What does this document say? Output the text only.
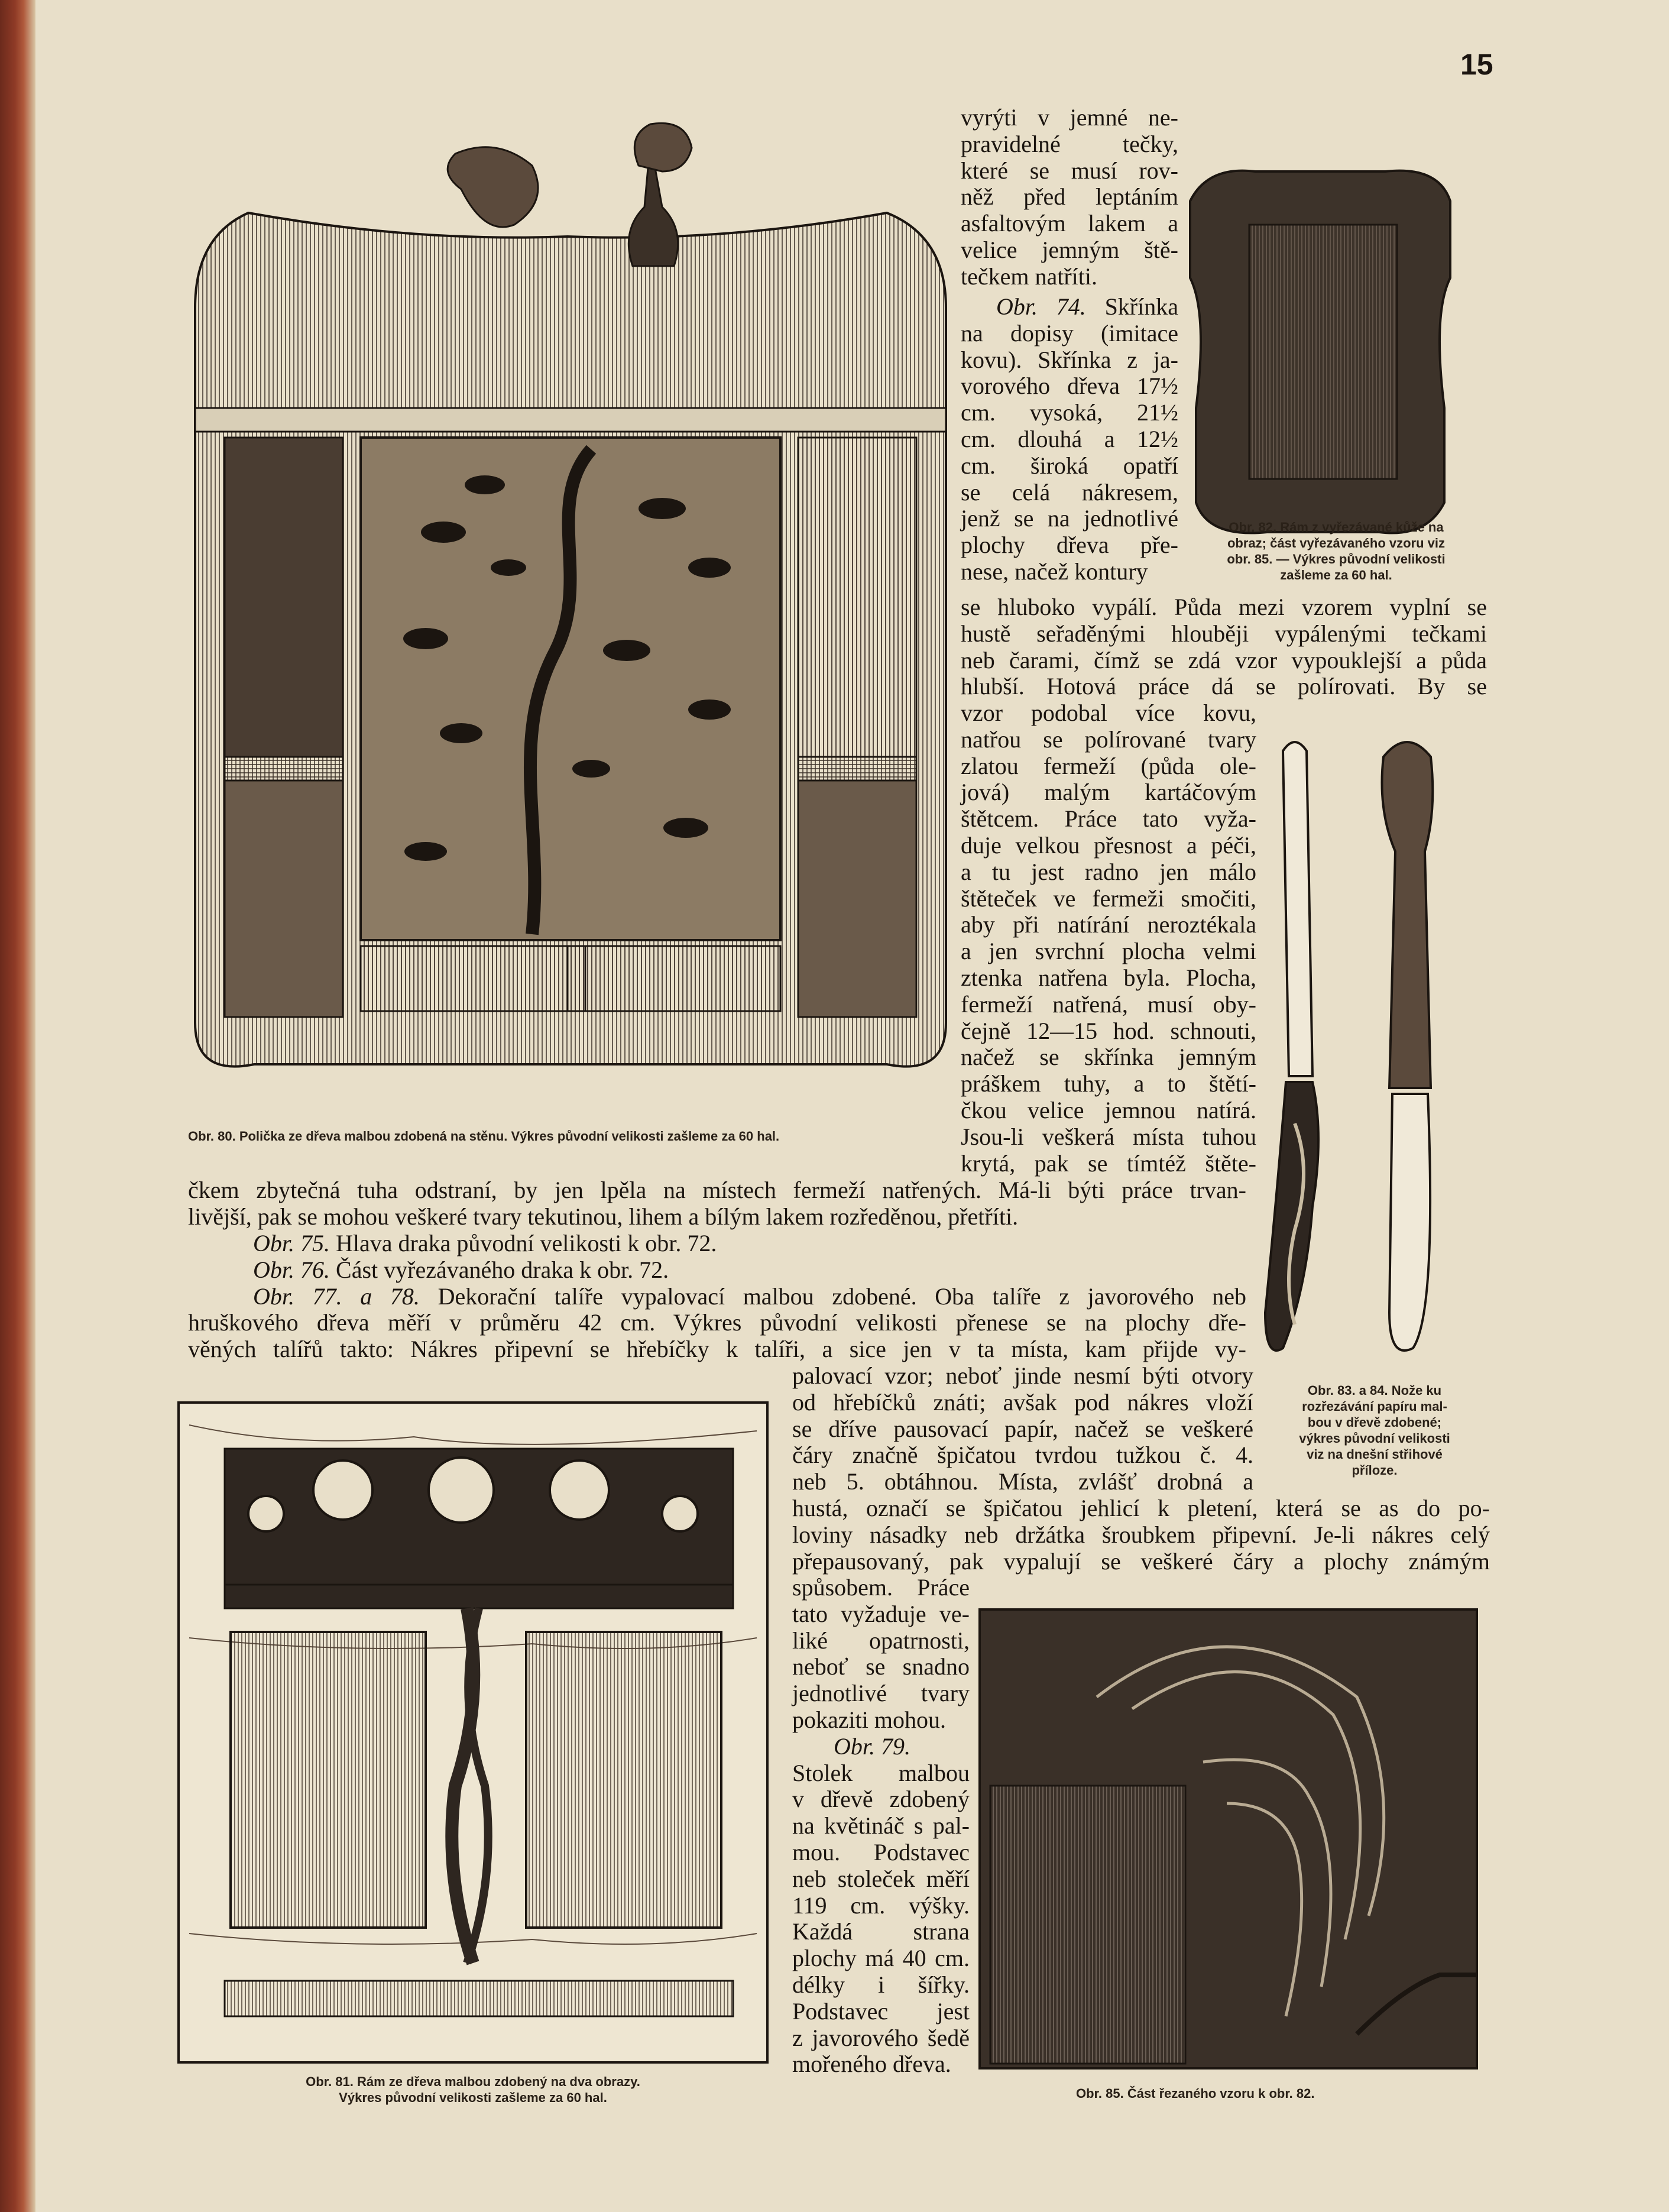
15
Obr. 80. Polička ze dřeva malbou zdobená na stěnu. Výkres původní velikosti zašleme za 60 hal.
Obr. 82. Rám z vyřezávané kůže na
obraz; část vyřezávaného vzoru viz
obr. 85. — Výkres původní velikosti
zašleme za 60 hal.
Obr. 83. a 84. Nože ku
rozřezávání papíru mal-
bou v dřevě zdobené;
výkres původní velikosti
viz na dnešní střihové
příloze.
Obr. 81. Rám ze dřeva malbou zdobený na dva obrazy.
Výkres původní velikosti zašleme za 60 hal.	Obr. 85. Část řezaného vzoru k obr. 82.
vyrýti v jemné ne-
pravidelné tečky,
které se musí rov-
něž před leptáním
asfaltovým lakem a
velice jemným ště-
tečkem natříti.
Obr. 74. Skřínka
na dopisy (imitace
kovu). Skřínka z ja-
vorového dřeva 17½
cm. vysoká, 21½
cm. dlouhá a 12½
cm. široká opatří
se celá nákresem,
jenž se na jednotlivé
plochy dřeva pře-
nese, načež kontury
se hluboko vypálí. Půda mezi vzorem vyplní se
hustě seřaděnými hlouběji vypálenými tečkami
neb čarami, čímž se zdá vzor vypouklejší a půda
hlubší. Hotová práce dá se polírovati. By se
vzor podobal více kovu,
natřou se polírované tvary
zlatou fermeží (půda ole-
jová) malým kartáčovým
štětcem. Práce tato vyža-
duje velkou přesnost a péči,
a tu jest radno jen málo
štěteček ve fermeži smočiti,
aby při natírání neroztékala
a jen svrchní plocha velmi
ztenka natřena byla. Plocha,
fermeží natřená, musí oby-
čejně 12—15 hod. schnouti,
načež se skřínka jemným
práškem tuhy, a to štětí-
čkou velice jemnou natírá.
Jsou-li veškerá místa tuhou
krytá, pak se tímtéž štěte-
čkem zbytečná tuha odstraní, by jen lpěla na místech fermeží natřených. Má-li býti práce trvan-
livější, pak se mohou veškeré tvary tekutinou, lihem a bílým lakem rozředěnou, přetříti.
Obr. 75. Hlava draka původní velikosti k obr. 72.
Obr. 76. Část vyřezávaného draka k obr. 72.
Obr. 77. a 78. Dekorační talíře vypalovací malbou zdobené. Oba talíře z javorového neb
hruškového dřeva měří v průměru 42 cm. Výkres původní velikosti přenese se na plochy dře-
věných talířů takto: Nákres připevní se hřebíčky k talíři, a sice jen v ta místa, kam přijde vy-
palovací vzor; neboť jinde nesmí býti otvory
od hřebíčků znáti; avšak pod nákres vloží
se dříve pausovací papír, načež se veškeré
čáry značně špičatou tvrdou tužkou č. 4.
neb 5. obtáhnou. Místa, zvlášť drobná a
hustá, označí se špičatou jehlicí k pletení, která se as do po-
loviny násadky neb držátka šroubkem připevní. Je-li nákres celý
přepausovaný, pak vypalují se veškeré čáry a plochy známým
spůsobem. Práce
tato vyžaduje ve-
liké opatrnosti,
neboť se snadno
jednotlivé tvary
pokaziti mohou.
Obr. 79.
Stolek malbou
v dřevě zdobený
na květináč s pal-
mou. Podstavec
neb stoleček měří
119 cm. výšky.
Každá strana
plochy má 40 cm.
délky i šířky.
Podstavec jest
z javorového šedě
mořeného dřeva.
